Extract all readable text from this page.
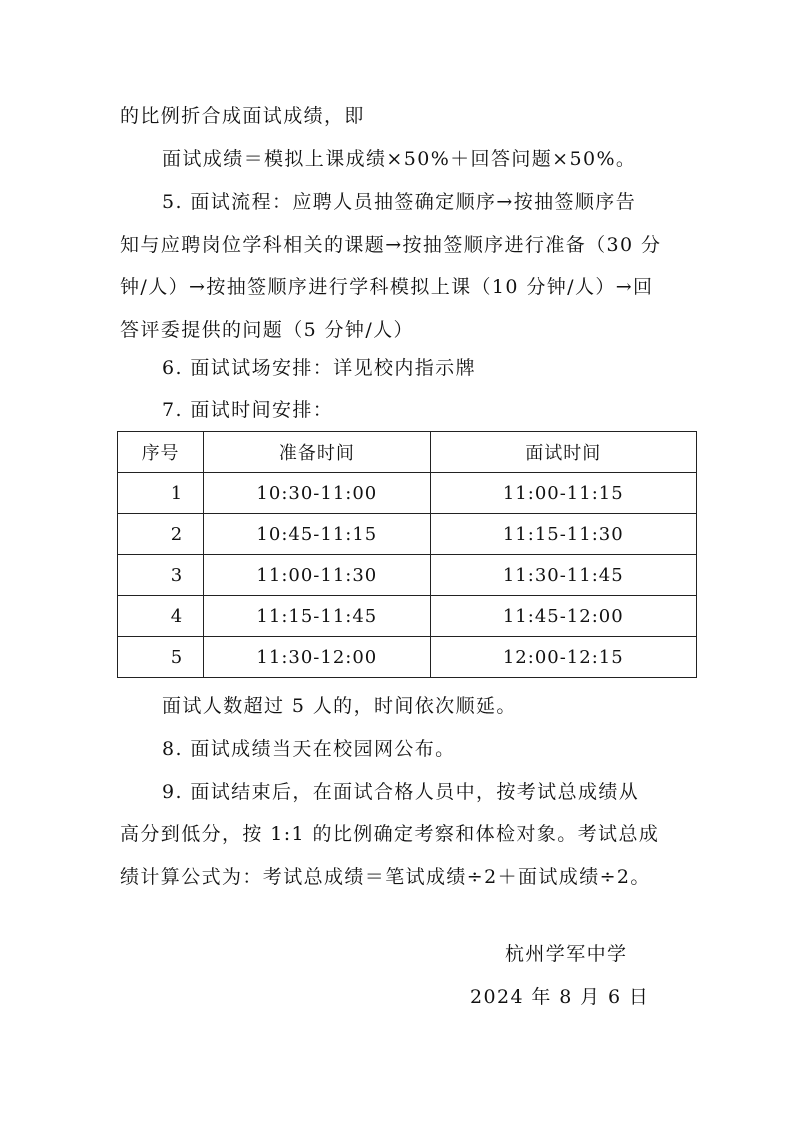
的比例折合成面试成绩，即
面试成绩＝模拟上课成绩×50%＋回答问题×50%。
5. 面试流程：应聘人员抽签确定顺序→按抽签顺序告
知与应聘岗位学科相关的课题→按抽签顺序进行准备（30 分
钟/人）→按抽签顺序进行学科模拟上课（10 分钟/人）→回
答评委提供的问题（5 分钟/人）
6. 面试试场安排：详见校内指示牌
7. 面试时间安排：
序号	准备时间	面试时间
1	10:30-11:00	11:00-11:15
2	10:45-11:15	11:15-11:30
3	11:00-11:30	11:30-11:45
4	11:15-11:45	11:45-12:00
5	11:30-12:00	12:00-12:15
面试人数超过 5 人的，时间依次顺延。
8. 面试成绩当天在校园网公布。
9. 面试结束后，在面试合格人员中，按考试总成绩从
高分到低分，按 1:1 的比例确定考察和体检对象。考试总成
绩计算公式为：考试总成绩＝笔试成绩÷2＋面试成绩÷2。
杭州学军中学
2024 年 8 月 6 日
